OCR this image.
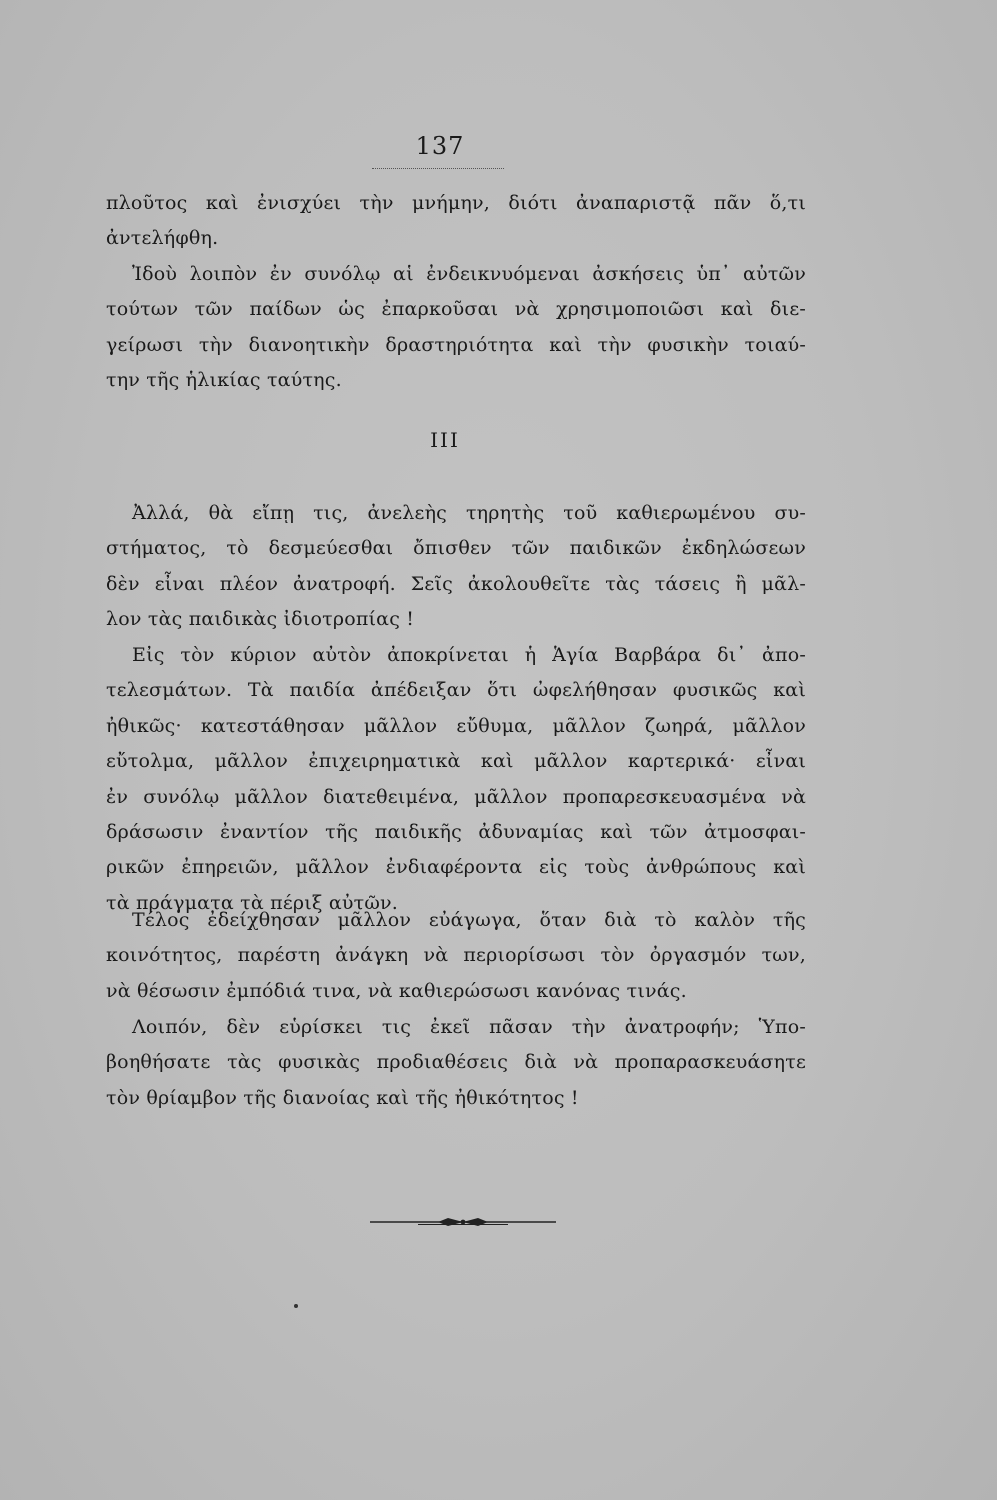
137
πλοῦτος καὶ ἐνισχύει τὴν μνήμην, διότι ἀναπαριστᾷ πᾶν ὅ,τι
ἀντελήφθη.
Ἰδοὺ λοιπὸν ἐν συνόλῳ αἱ ἐνδεικνυόμεναι ἀσκήσεις ὑπ᾽ αὐτῶν
τούτων τῶν παίδων ὡς ἐπαρκοῦσαι νὰ χρησιμοποιῶσι καὶ διε-
γείρωσι τὴν διανοητικὴν δραστηριότητα καὶ τὴν φυσικὴν τοιαύ-
την τῆς ἡλικίας ταύτης.
III
Ἀλλά, θὰ εἴπῃ τις, ἀνελεὴς τηρητὴς τοῦ καθιερωμένου συ-
στήματος, τὸ δεσμεύεσθαι ὄπισθεν τῶν παιδικῶν ἐκδηλώσεων
δὲν εἶναι πλέον ἀνατροφή. Σεῖς ἀκολουθεῖτε τὰς τάσεις ἢ μᾶλ-
λον τὰς παιδικὰς ἰδιοτροπίας !
Εἰς τὸν κύριον αὐτὸν ἀποκρίνεται ἡ Ἁγία Βαρβάρα δι᾽ ἀπο-
τελεσμάτων. Τὰ παιδία ἀπέδειξαν ὅτι ὠφελήθησαν φυσικῶς καὶ
ἠθικῶς· κατεστάθησαν μᾶλλον εὔθυμα, μᾶλλον ζωηρά, μᾶλλον
εὔτολμα, μᾶλλον ἐπιχειρηματικὰ καὶ μᾶλλον καρτερικά· εἶναι
ἐν συνόλῳ μᾶλλον διατεθειμένα, μᾶλλον προπαρεσκευασμένα νὰ
δράσωσιν ἐναντίον τῆς παιδικῆς ἀδυναμίας καὶ τῶν ἀτμοσφαι-
ρικῶν ἐπηρειῶν, μᾶλλον ἐνδιαφέροντα εἰς τοὺς ἀνθρώπους καὶ
τὰ πράγματα τὰ πέριξ αὐτῶν.
Τέλος ἐδείχθησαν μᾶλλον εὐάγωγα, ὅταν διὰ τὸ καλὸν τῆς
κοινότητος, παρέστη ἀνάγκη νὰ περιορίσωσι τὸν ὀργασμόν των,
νὰ θέσωσιν ἐμπόδιά τινα, νὰ καθιερώσωσι κανόνας τινάς.
Λοιπόν, δὲν εὑρίσκει τις ἐκεῖ πᾶσαν τὴν ἀνατροφήν; Ὑπο-
βοηθήσατε τὰς φυσικὰς προδιαθέσεις διὰ νὰ προπαρασκευάσητε
τὸν θρίαμβον τῆς διανοίας καὶ τῆς ἠθικότητος !
